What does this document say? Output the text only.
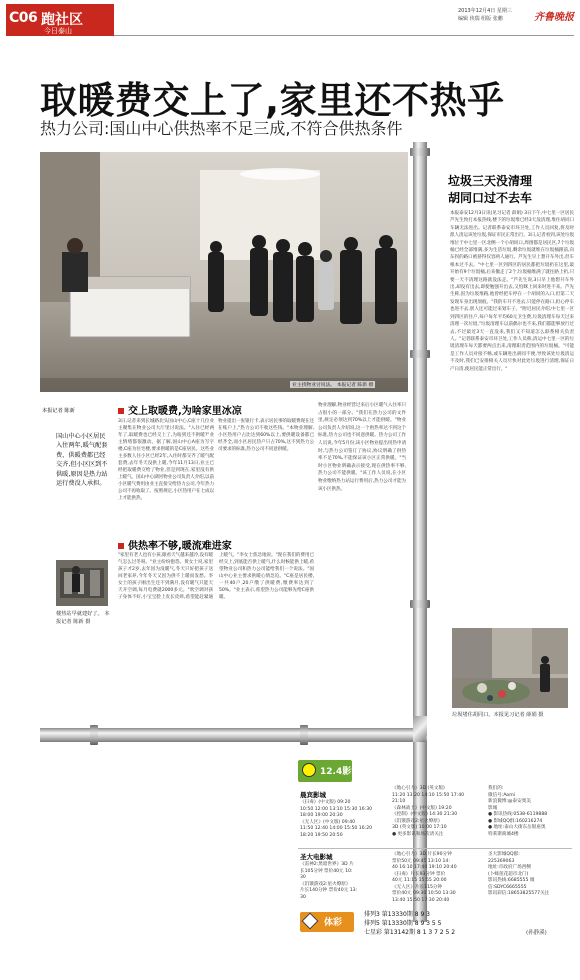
C06 跑社区
今日泰山
2013年12月4日 星期三
编辑 侠瑞 组版 张鹏	齐鲁晚报
取暖费交上了,家里还不热乎
热力公司:国山中心供热率不足三成,不符合供热条件
业主找物业讨说法。 本报记者 陈新 摄
本报记者 陈新
国山中心小区居民入住两年,暖气配套费、供暖费都已经交齐,但小区区到不供暖,原因是热力站运行费没人承担。
楼热站早就建好了。 本报记者 陈新 摄
交上取暖费,为啥家里冰凉
3日,记者来到长城路北头国山中心,C座十几位业主聚集在物业公司大厅里讨说法。"入住已经两年了,取暖费也已经交上了,为啥到还不供暖?"业主情绪都很激动。据了解,国山中心A座为写字楼,C座为住宅楼,要求供暖的是C座居民。这些业主多数人住小区已经2年,入住时都交齐了暖气配套费,去年冬天没供上暖,今年11月13日,业主已经把取暖费交给了物业,但是到现在,家里没有供上暖气。国山中心湖河物业公司负责人介绍,以前小区暖气费用由业主直接交给热力公司,今年热力公司不再收取了。按照规定,小区热用户在七成以上才能供热。
物业提出一张银行卡,表示居民事的取暖费现在还在账户上,"热力公司不收这些钱。"本物业理解,小区热用户占比达到60%以上,要供暖设备都已经齐全,而小区居民热户只占70%,这不到热力公司要求的标准,热力公司不同意供暖。
供热率不够,暖流难进家
"家里有老人也有小孩,眼看天气越来越冷,没有暖气怎么过冬呀。"业主纷纷抱怨。黄女士说,家里孩子才2岁,去年因为没暖气,冬天只好把孩子送回老家养,今年冬天又因为供不上暖而发愁。李女士的孩子刚出生还不到满月,没有暖气只能天天开空调,每月电费就2000多元。"吹空调对孩子身体不好,小宝宝脸上皮长皮疹,希望能赶紧通上暖气。"李女士焦急地说。"现在我们的费用已经交上,到底能否供上暖气,什么时候能供上暖,希望物业公司和热力公司能给我们一个说法。"国山中心业主要求供暖心情急迫。"C座是居民楼,一共40户,20户缴了供暖费,缴费率达到了50%。"业主表示,希望热力公司能够先给C座供暖。
物业理解,物业经营过来后小区暖气入住率只占很小的一部分。"我们在热力公司的文件里,规定必须达到70%以上才能供暖。"物业公司负责人介绍说,这一个供热率达不到这个标准,热力公司也不同意供暖。热力公司工作人员说,今年5月份,该小区物业提出用热申请时,与热力公司签订了协议,协议明确了供热率不足70%,不能保证该小区正常供暖。"当时小区物业明确表示接受,现在供热率不够,热力公司不能供暖。"该工作人员说,在小区物业缴纳热力站运行费用后,热力公司才能为该小区供热。
垃圾三天没清理
胡同口过不去车
本报泰安12月3日讯(见习记者 薛娟) 3日下午,中七里一区居民芦先生致打本报热线,楼下的垃圾堆已经3天没清理,堆住胡同口车辆无法进出。记者联系泰安市环卫处,工作人员回复,将及时派人清运该处垃圾,保证市民正常出行。3日,记者看到,该处垃圾堆位于中七里一区北侧一个小胡同口,周围都是居民区,7个垃圾桶已经全部堆满,多为生活垃圾,剩余垃圾就堆在垃圾桶跟前,向东拐的路口被挤得仅容两人通行。芦先生早上想开车外出,但车根本过不去。"中七里一区到四区的居民都把垃圾扔在这里,最开始有9个垃圾桶,后来撤走了2个,垃圾桶堆满了就往路上扔,只要一天不清理这路就没法走。"芦先生说,3日早上他想开车外出,却没有出去,即使勉强开出去,又怕眯上回来时进不来。芦先生称,因为垃圾堆路,他曾经把车停在一个胡同的入口,但第二天发现车身出现划痕。"我的车开不进去,只能停在路口,担心停车也进不去,别人还可能过来划车子。"附近居民介绍,中七里一区到四区的住户,每户每年平均60元卫生费,垃圾清理车每天过来清理一次垃圾,"垃圾清理车以前偶尔也不来,我们都能够放行过去,不过最近3天一直没来,我们又不知道怎么联系相关负责人。"记者联系泰安市环卫处,工作人员称,清运中七里一区的垃圾清理车每天都要两点出来,清理职责范围内的垃圾桶。"可能是工作人员对接不畅,或车辆进出胡同不便,导致该处垃圾清运不及时,我们已安排相关人员尽快对此处垃圾进行清理,保证日产日清,使居民能正常出行。"
垃圾堵住胡同口。本报见习记者 薛娟 摄
12.4影讯
晨宾影城
《扫毒》(中文版) 09:20
10:50 12:00 13:10 15:30 16:30
18:00 19:00 20:30
《无人区》(中文版) 09:40
11:50 12:40 14:00 15:50 16:20
18:20 19:50 20:50
《地心引力》3D (英文版)
11:20 13:20 14:10 15:50 17:40
21:10
《森林战士》(中文版) 19:20
《控制》(中文版) 14:30 21:30
《饥饿游戏2:星火燎原》
3D (英文版) 10:00 17:10
● 更多影讯和场次请关注
我们的:
微信号:Aomi
新浪微博:@泰安奥美
影城
● 影讯热线:0538-6119888
● 影城QQ群:160216274
● 地址:泰山大街东岳银座奥
特莱斯商城4楼
圣大电影城
《雷神2:黑暗世界》3D 片
长105分钟 票价40元 10:
30
《饥饿游戏2:星火燎原》
片长140分钟 票价40元 13:
30
《地心引力》3D 片长90分钟
票价50元 09:45 13:10 14:
40 16:10 17:40 19:10 20:40
《扫毒》片长93分钟 票价
40元 11:15 15:55 20:00
《无人区》片长115分钟
票价40元 09:30 10:50 13:30
13:40 15:50 17:30 20:40
圣大影城QQ群:
225369063
地址:市政府广场西侧
(卜蜂莲花超市北门)
影讯热线:6685555 微
信:SDYC6665555
影讯彩信:18653825577关注
体彩
排列3 第13330期 8 9 3
排列5 第13330期 8 9 3 5 5
七星彩 第13142期 8 1 3 7 2 5 2	(孙静溪)
